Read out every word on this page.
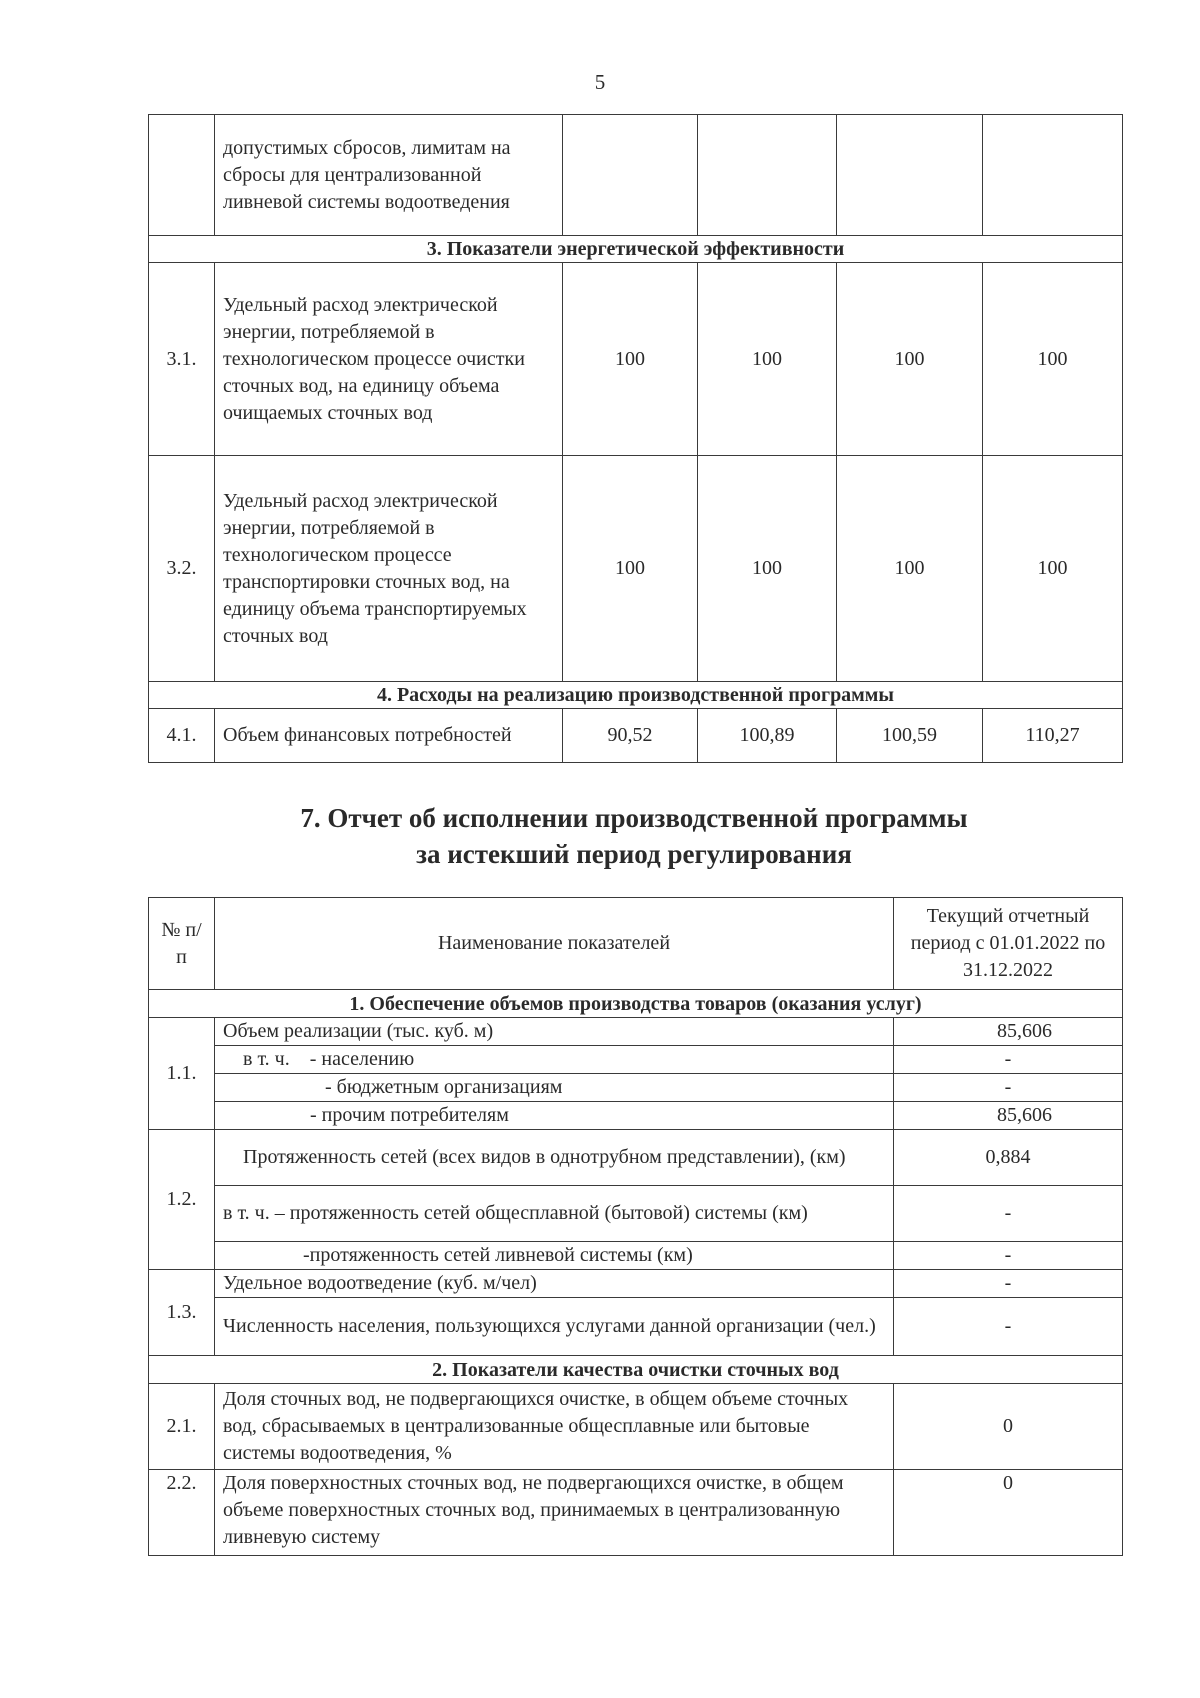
5
	допустимых сбросов, лимитам на сбросы для централизованной ливневой системы водоотведения				
3. Показатели энергетической эффективности					
3.1.	Удельный расход электрической энергии, потребляемой в технологическом процессе очистки сточных вод, на единицу объема очищаемых сточных вод	100	100	100	100
3.2.	Удельный расход электрической энергии, потребляемой в технологическом процессе транспортировки сточных вод, на единицу объема транспортируемых сточных вод	100	100	100	100
4. Расходы на реализацию производственной программы					
4.1.	Объем финансовых потребностей	90,52	100,89	100,59	110,27
7. Отчет об исполнении производственной программы
за истекший период регулирования
№ п/п	Наименование показателей	Текущий отчетный период с 01.01.2022 по 31.12.2022
1. Обеспечение объемов производства товаров (оказания услуг)		
1.1.	Объем реализации (тыс. куб. м)	85,606
	в т. ч. - населению	-
	- бюджетным организациям	-
	- прочим потребителям	85,606
1.2.	Протяженность сетей (всех видов в однотрубном представлении), (км)	0,884
	в т. ч. – протяженность сетей общесплавной (бытовой) системы (км)	-
	-протяженность сетей ливневой системы (км)	-
1.3.	Удельное водоотведение (куб. м/чел)	-
	Численность населения, пользующихся услугами данной организации (чел.)	-
2. Показатели качества очистки сточных вод		
2.1.	Доля сточных вод, не подвергающихся очистке, в общем объеме сточных вод, сбрасываемых в централизованные общесплавные или бытовые системы водоотведения, %	0
2.2.	Доля поверхностных сточных вод, не подвергающихся очистке, в общем объеме поверхностных сточных вод, принимаемых в централизованную ливневую систему	0
